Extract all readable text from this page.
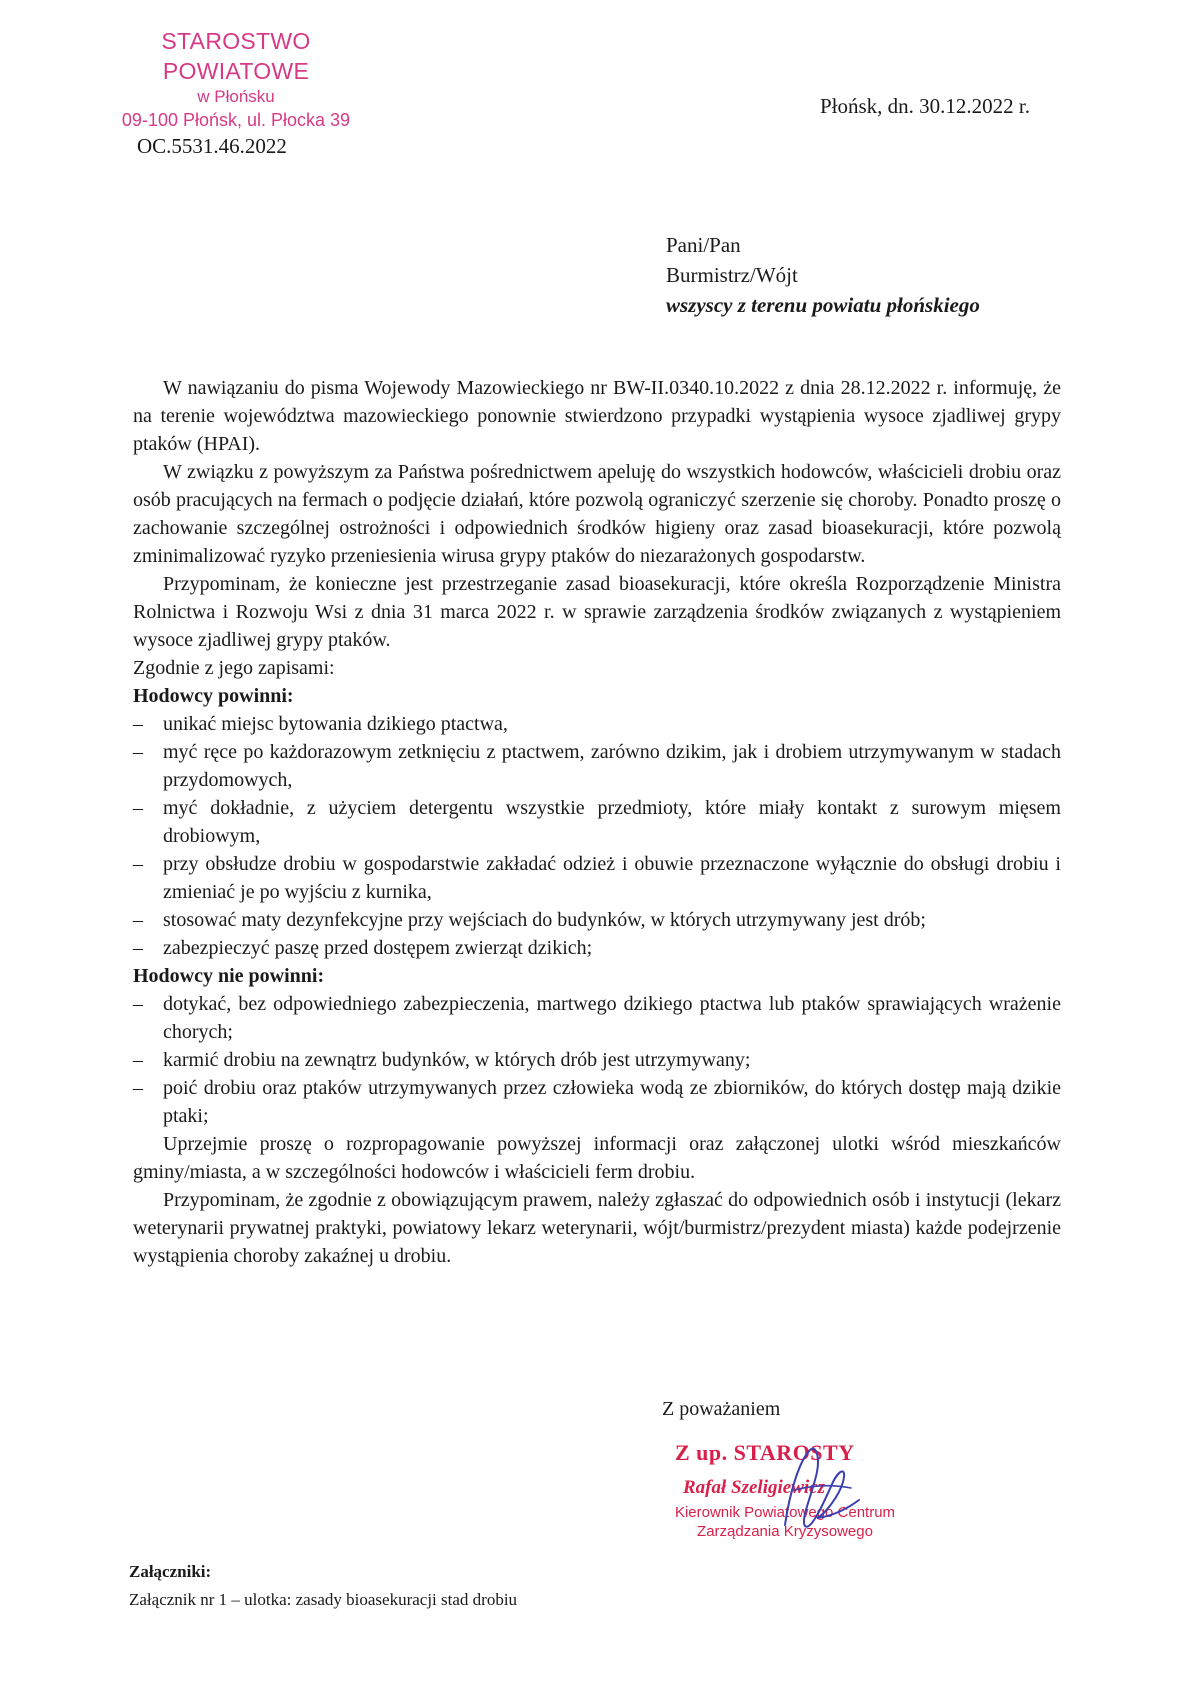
STAROSTWO POWIATOWE
w Płońsku
09-100 Płońsk, ul. Płocka 39
Płońsk, dn. 30.12.2022 r.
OC.5531.46.2022
Pani/Pan
Burmistrz/Wójt
wszyscy z terenu powiatu płońskiego

W nawiązaniu do pisma Wojewody Mazowieckiego nr BW-II.0340.10.2022 z dnia 28.12.2022 r. informuję, że na terenie województwa mazowieckiego ponownie stwierdzono przypadki wystąpienia wysoce zjadliwej grypy ptaków (HPAI).

W związku z powyższym za Państwa pośrednictwem apeluję do wszystkich hodowców, właścicieli drobiu oraz osób pracujących na fermach o podjęcie działań, które pozwolą ograniczyć szerzenie się choroby. Ponadto proszę o zachowanie szczególnej ostrożności i odpowiednich środków higieny oraz zasad bioasekuracji, które pozwolą zminimalizować ryzyko przeniesienia wirusa grypy ptaków do niezarażonych gospodarstw.

Przypominam, że konieczne jest przestrzeganie zasad bioasekuracji, które określa Rozporządzenie Ministra Rolnictwa i Rozwoju Wsi z dnia 31 marca 2022 r. w sprawie zarządzenia środków związanych z wystąpieniem wysoce zjadliwej grypy ptaków.

Zgodnie z jego zapisami:

Hodowcy powinni:

– unikać miejsc bytowania dzikiego ptactwa,
– myć ręce po każdorazowym zetknięciu z ptactwem, zarówno dzikim, jak i drobiem utrzymywanym w stadach przydomowych,
– myć dokładnie, z użyciem detergentu wszystkie przedmioty, które miały kontakt z surowym mięsem drobiowym,
– przy obsłudze drobiu w gospodarstwie zakładać odzież i obuwie przeznaczone wyłącznie do obsługi drobiu i zmieniać je po wyjściu z kurnika,
– stosować maty dezynfekcyjne przy wejściach do budynków, w których utrzymywany jest drób;
– zabezpieczyć paszę przed dostępem zwierząt dzikich;

Hodowcy nie powinni:

– dotykać, bez odpowiedniego zabezpieczenia, martwego dzikiego ptactwa lub ptaków sprawiających wrażenie chorych;
– karmić drobiu na zewnątrz budynków, w których drób jest utrzymywany;
– poić drobiu oraz ptaków utrzymywanych przez człowieka wodą ze zbiorników, do których dostęp mają dzikie ptaki;

Uprzejmie proszę o rozpropagowanie powyższej informacji oraz załączonej ulotki wśród mieszkańców gminy/miasta, a w szczególności hodowców i właścicieli ferm drobiu.

Przypominam, że zgodnie z obowiązującym prawem, należy zgłaszać do odpowiednich osób i instytucji (lekarz weterynarii prywatnej praktyki, powiatowy lekarz weterynarii, wójt/burmistrz/prezydent miasta) każde podejrzenie wystąpienia choroby zakaźnej u drobiu.

Z poważaniem
Z up. STAROSTY
Rafał Szeligiewicz
Kierownik Powiatowego Centrum
Zarządzania Kryzysowego
Załączniki:
Załącznik nr 1 – ulotka: zasady bioasekuracji stad drobiu
